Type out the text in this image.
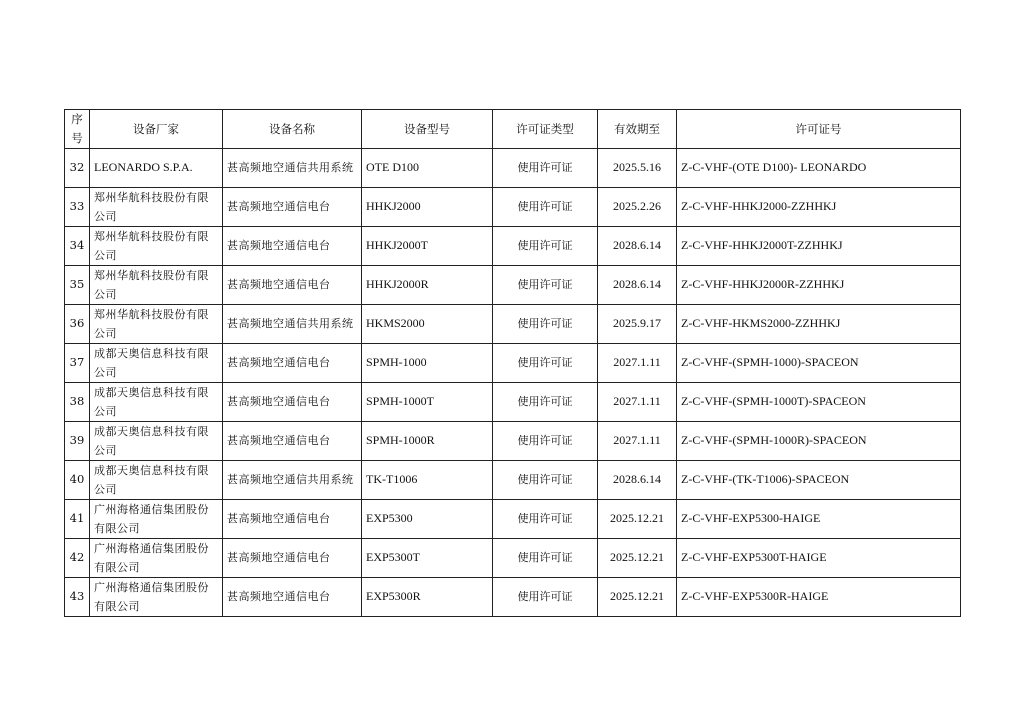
序号	设备厂家	设备名称	设备型号	许可证类型	有效期至	许可证号
32	LEONARDO S.P.A.	甚高频地空通信共用系统	OTE D100	使用许可证	2025.5.16	Z-C-VHF-(OTE D100)- LEONARDO
33	郑州华航科技股份有限公司	甚高频地空通信电台	HHKJ2000	使用许可证	2025.2.26	Z-C-VHF-HHKJ2000-ZZHHKJ
34	郑州华航科技股份有限公司	甚高频地空通信电台	HHKJ2000T	使用许可证	2028.6.14	Z-C-VHF-HHKJ2000T-ZZHHKJ
35	郑州华航科技股份有限公司	甚高频地空通信电台	HHKJ2000R	使用许可证	2028.6.14	Z-C-VHF-HHKJ2000R-ZZHHKJ
36	郑州华航科技股份有限公司	甚高频地空通信共用系统	HKMS2000	使用许可证	2025.9.17	Z-C-VHF-HKMS2000-ZZHHKJ
37	成都天奥信息科技有限公司	甚高频地空通信电台	SPMH-1000	使用许可证	2027.1.11	Z-C-VHF-(SPMH-1000)-SPACEON
38	成都天奥信息科技有限公司	甚高频地空通信电台	SPMH-1000T	使用许可证	2027.1.11	Z-C-VHF-(SPMH-1000T)-SPACEON
39	成都天奥信息科技有限公司	甚高频地空通信电台	SPMH-1000R	使用许可证	2027.1.11	Z-C-VHF-(SPMH-1000R)-SPACEON
40	成都天奥信息科技有限公司	甚高频地空通信共用系统	TK-T1006	使用许可证	2028.6.14	Z-C-VHF-(TK-T1006)-SPACEON
41	广州海格通信集团股份有限公司	甚高频地空通信电台	EXP5300	使用许可证	2025.12.21	Z-C-VHF-EXP5300-HAIGE
42	广州海格通信集团股份有限公司	甚高频地空通信电台	EXP5300T	使用许可证	2025.12.21	Z-C-VHF-EXP5300T-HAIGE
43	广州海格通信集团股份有限公司	甚高频地空通信电台	EXP5300R	使用许可证	2025.12.21	Z-C-VHF-EXP5300R-HAIGE
